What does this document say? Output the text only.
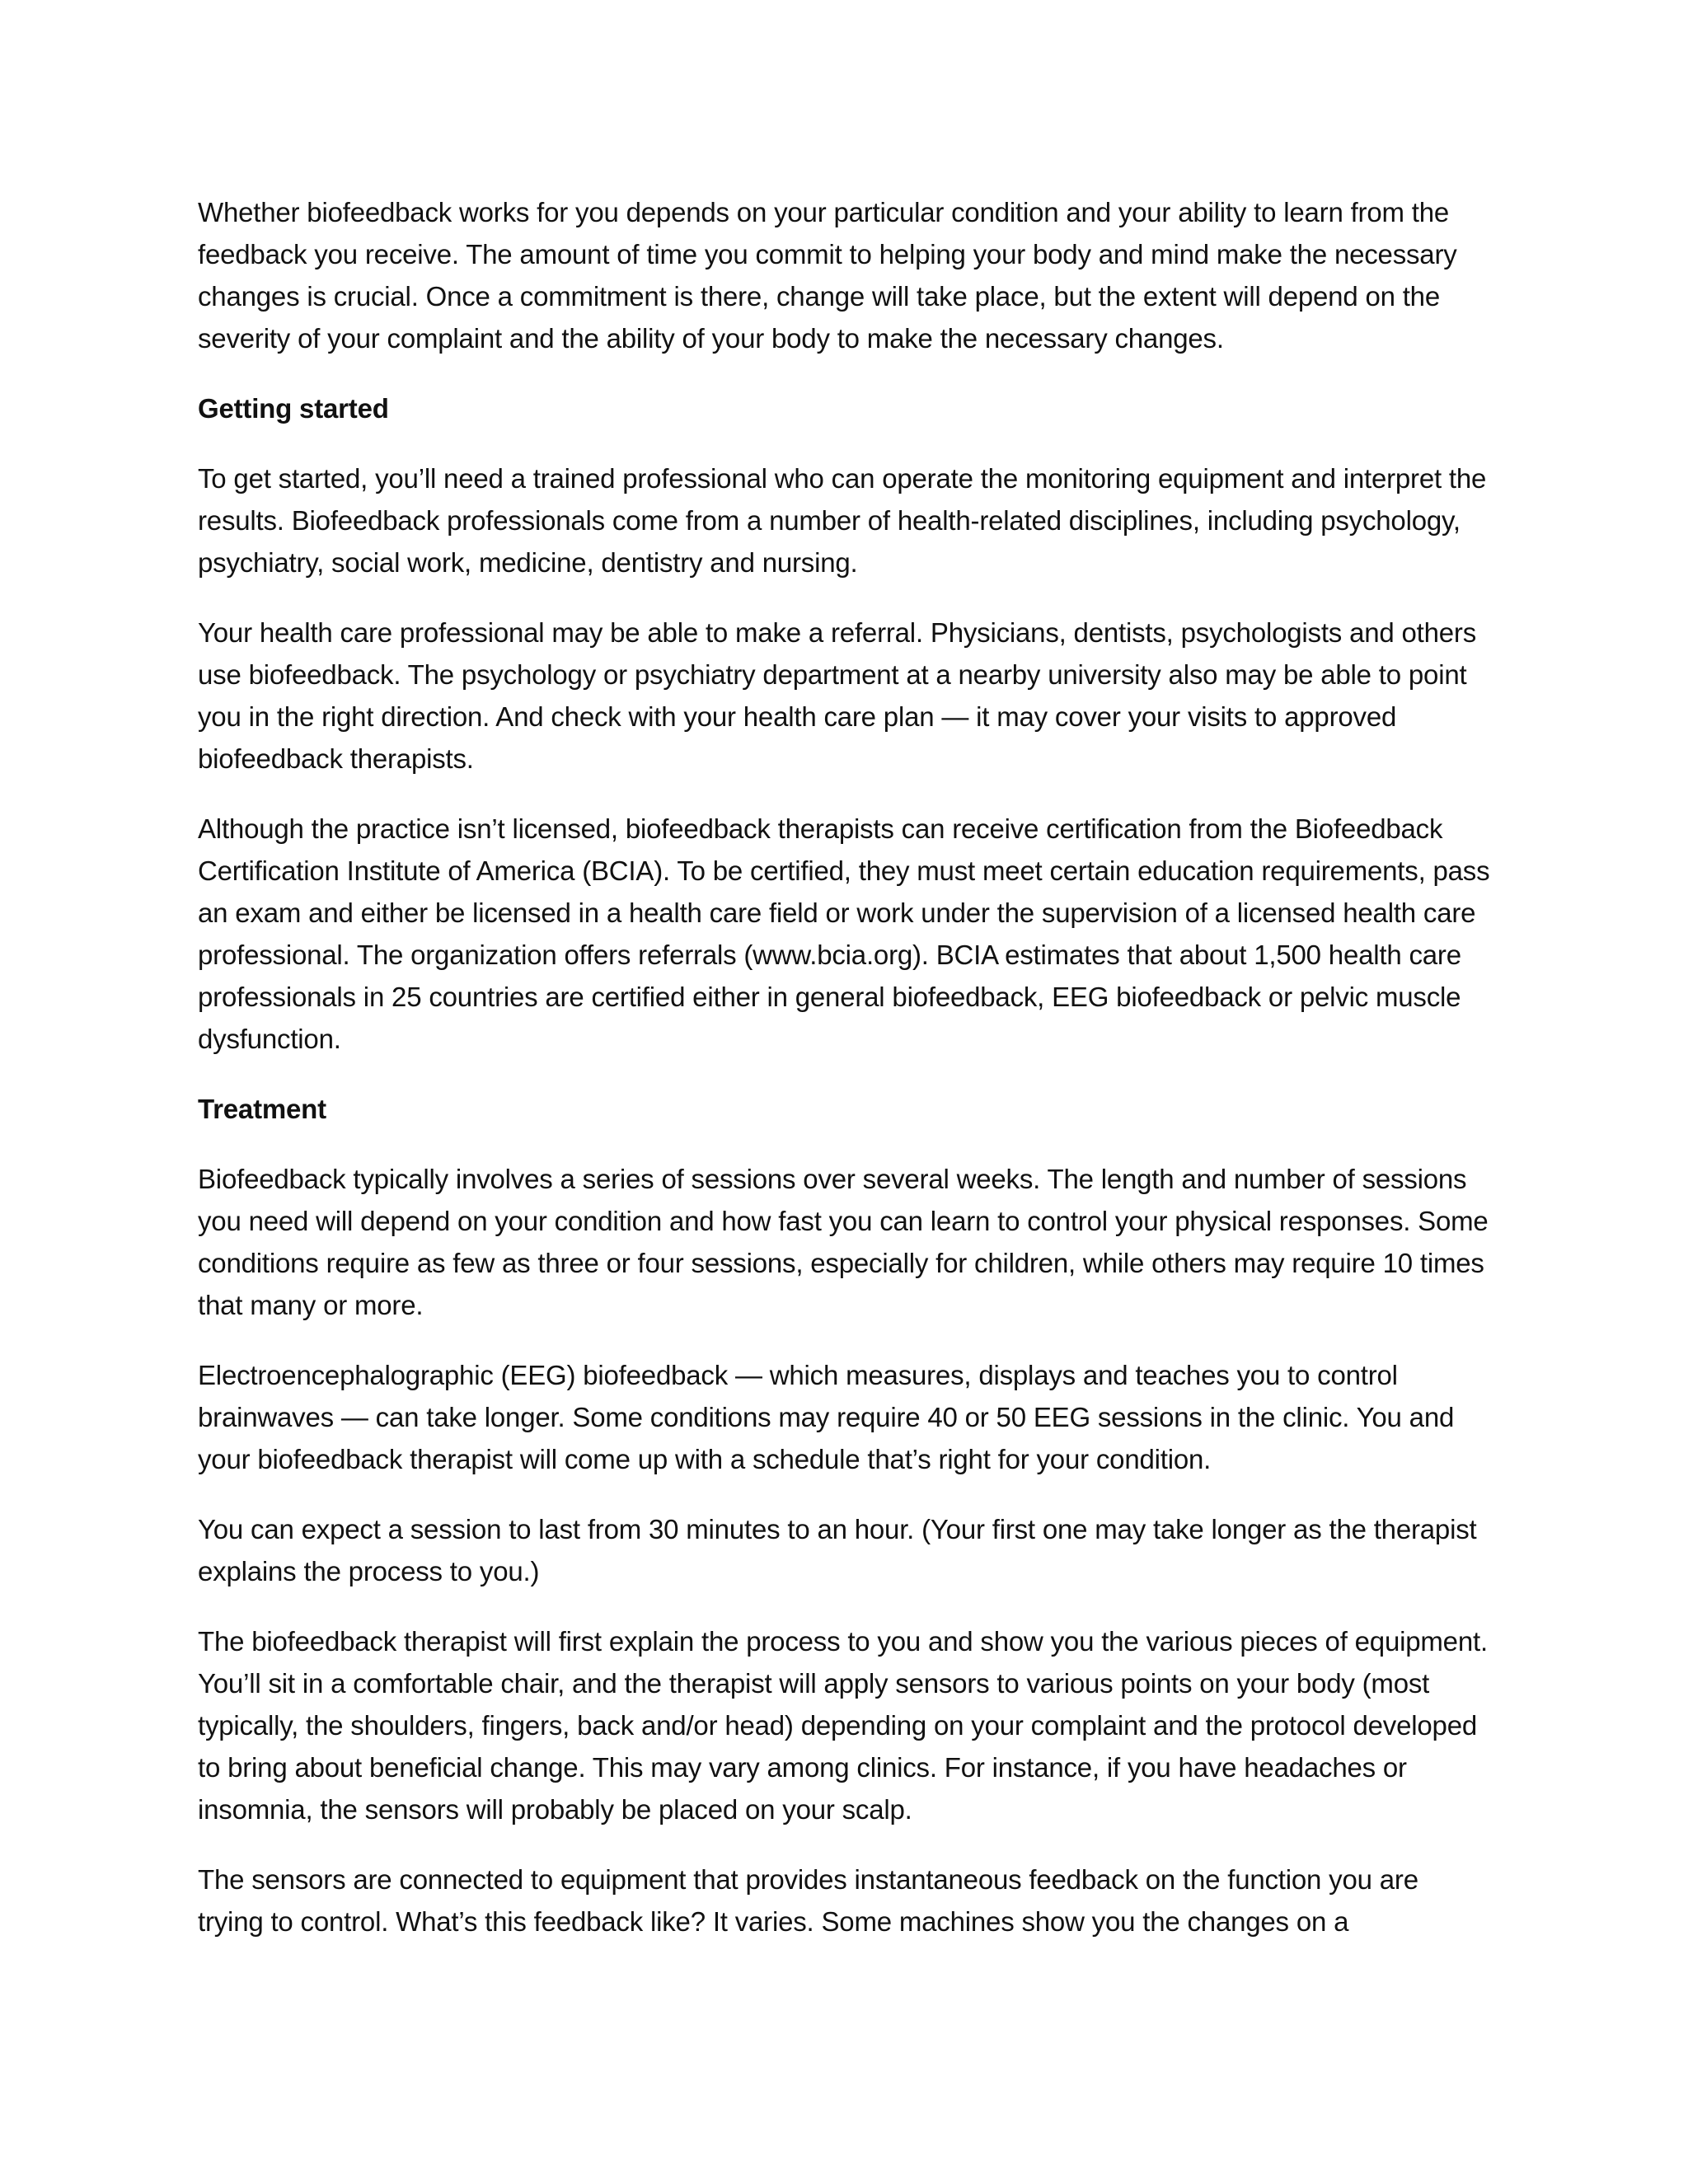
Whether biofeedback works for you depends on your particular condition and your ability to learn from the feedback you receive. The amount of time you commit to helping your body and mind make the necessary changes is crucial. Once a commitment is there, change will take place, but the extent will depend on the severity of your complaint and the ability of your body to make the necessary changes.

Getting started

To get started, you’ll need a trained professional who can operate the monitoring equipment and interpret the results. Biofeedback professionals come from a number of health-related disciplines, including psychology, psychiatry, social work, medicine, dentistry and nursing.

Your health care professional may be able to make a referral. Physicians, dentists, psychologists and others use biofeedback. The psychology or psychiatry department at a nearby university also may be able to point you in the right direction. And check with your health care plan — it may cover your visits to approved biofeedback therapists.

Although the practice isn’t licensed, biofeedback therapists can receive certification from the Biofeedback Certification Institute of America (BCIA). To be certified, they must meet certain education requirements, pass an exam and either be licensed in a health care field or work under the supervision of a licensed health care professional. The organization offers referrals (www.bcia.org). BCIA estimates that about 1,500 health care professionals in 25 countries are certified either in general biofeedback, EEG biofeedback or pelvic muscle dysfunction.

Treatment

Biofeedback typically involves a series of sessions over several weeks. The length and number of sessions you need will depend on your condition and how fast you can learn to control your physical responses. Some conditions require as few as three or four sessions, especially for children, while others may require 10 times that many or more.

Electroencephalographic (EEG) biofeedback — which measures, displays and teaches you to control brainwaves — can take longer. Some conditions may require 40 or 50 EEG sessions in the clinic. You and your biofeedback therapist will come up with a schedule that’s right for your condition.

You can expect a session to last from 30 minutes to an hour. (Your first one may take longer as the therapist explains the process to you.)

The biofeedback therapist will first explain the process to you and show you the various pieces of equipment. You’ll sit in a comfortable chair, and the therapist will apply sensors to various points on your body (most typically, the shoulders, fingers, back and/or head) depending on your complaint and the protocol developed to bring about beneficial change. This may vary among clinics. For instance, if you have headaches or insomnia, the sensors will probably be placed on your scalp.

The sensors are connected to equipment that provides instantaneous feedback on the function you are trying to control. What’s this feedback like? It varies. Some machines show you the changes on a
